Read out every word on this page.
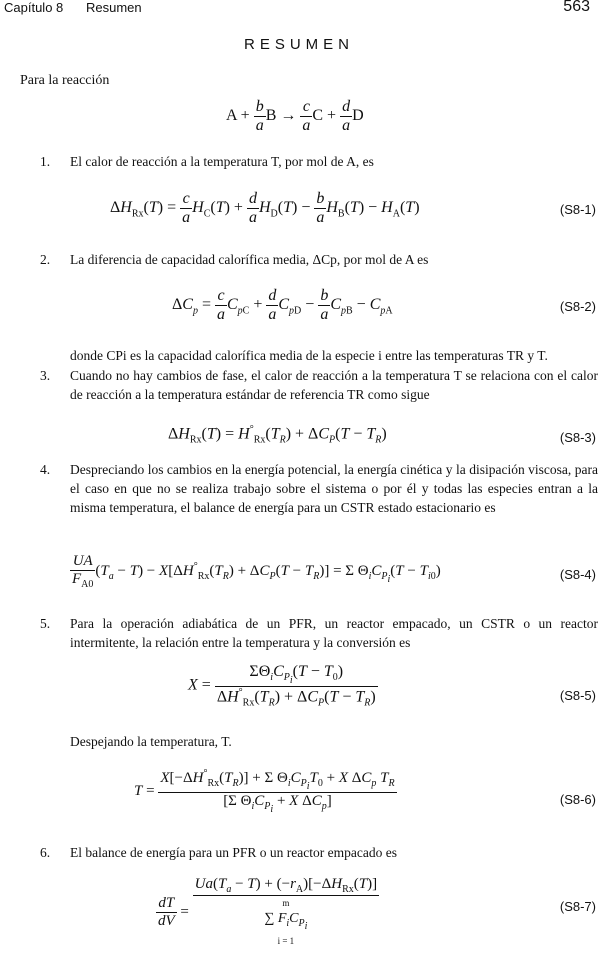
Capítulo 8 Resumen	563
RESUMEN
Para la reacción
$A + \frac{b}{a}$ $B \to \frac{c}{a}$ $C + \frac{d}{a}$ D
1. El calor de reacción a la temperatura T, por mol de A, es
$\Delta H_{Rx}(T) = \frac{c}{a} H_C(T) + \frac{d}{a} H_D(T) - \frac{b}{a} H_B(T) - H_A(T)$	(S8-1)
2. La diferencia de capacidad calorífica media, ΔCp, por mol de A es
$\Delta C_p = \frac{c}{a} C_{pC} + \frac{d}{a} C_{pD} - \frac{b}{a} C_{pB} - C_{pA}$	(S8-2)
donde CPi es la capacidad calorífica media de la especie i entre las temperaturas TR y T.
3. Cuando no hay cambios de fase, el calor de reacción a la temperatura T se relaciona con el calor de reacción a la temperatura estándar de referencia TR como sigue
$\Delta H_{Rx}(T) = H^\circ_{Rx}(T_R) + \Delta C_P(T - T_R)$	(S8-3)
4. Despreciando los cambios en la energía potencial, la energía cinética y la disipación viscosa, para el caso en que no se realiza trabajo sobre el sistema o por él y todas las especies entran a la misma temperatura, el balance de energía para un CSTR estado estacionario es
$\frac{UA}{F_{A0}} (T_a - T) - X[\Delta H^\circ_{Rx}(T_R) + \Delta C_P(T - T_R)] = \Sigma$ $\Theta_iC_{P_i}(T - T_{i0})$	(S8-4)
5. Para la operación adiabática de un PFR, un reactor empacado, un CSTR o un reactor intermitente, la relación entre la temperatura y la conversión es
$X = \frac{\Sigma\Theta_iC_{P_i}(T - T_0)}{\Delta H^\circ_{Rx}(T_R) + \Delta C_P(T - T_R)}$	(S8-5)
Despejando la temperatura, T.
$T = \frac{X[-\Delta H^\circ_{Rx}(T_R)] + \Sigma \Theta_iC_{P_i}T_0 + X \Delta C_p T_R}{[\Sigma \Theta_iC_{P_i} + X \Delta C_p]}$	(S8-6)
6. El balance de energía para un PFR o un reactor empacado es
$\frac{dT}{dV} = Ua(T_a - T) + (-r_A)[-\Delta H_{Rx}(T)]$
m
∑ $F_iC_{P_i}$
i = 1	(S8-7)
